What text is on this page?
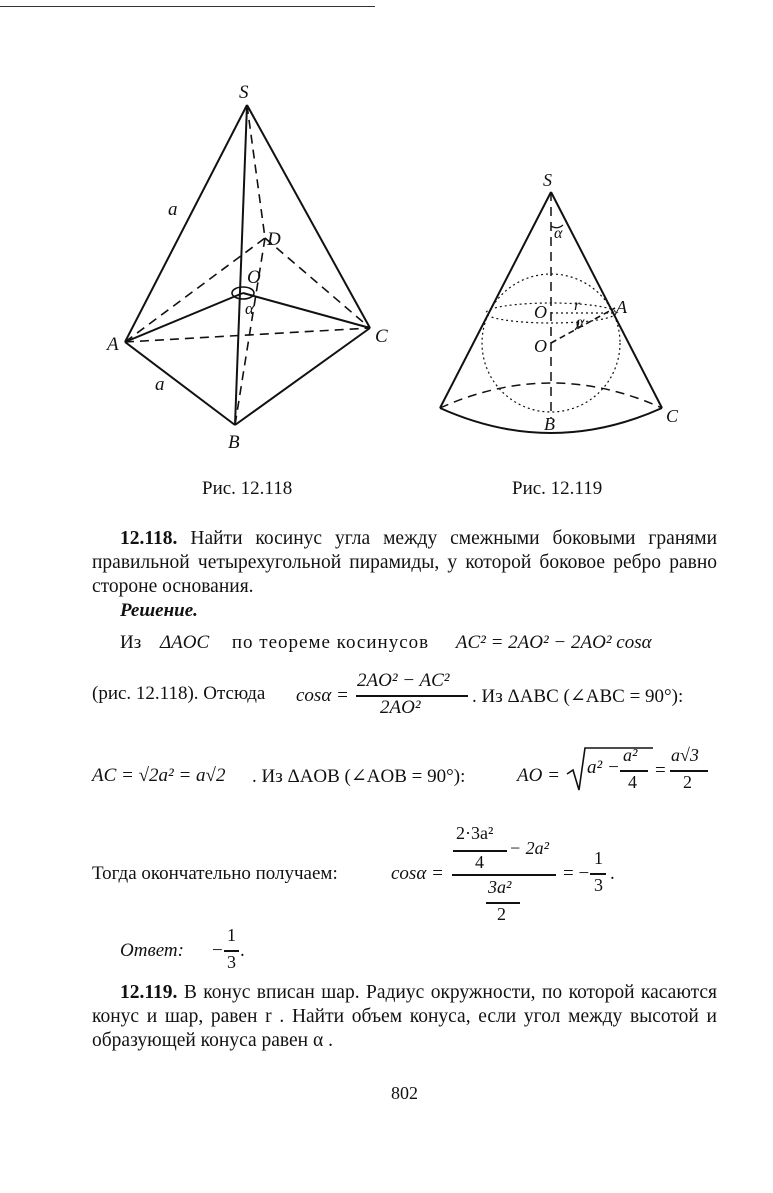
S
D
O
α
A	C
B
a
a
S
α
O r A
α
O
B	C
Рис. 12.118	Рис. 12.119
12.118. Найти косинус угла между смежными боковыми гранями правильной четырехугольной пирамиды, у которой боковое ребро равно стороне основания.
Решение.
Из ΔAOC по теореме косинусов AC² = 2AO² − 2AO² cosα
(рис. 12.118). Отсюда cosα =
2AO² − AC²
2AO²
. Из ΔABC (∠ABC = 90°):
AC = √2a² = a√2 . Из ΔAOB (∠AOB = 90°):	AO = a² −
a²
4
=
a√3
2
Тогда окончательно получаем:	cosα =
2·3a²
4
− 2a²
3a²
2
= −
1
3
.
Ответ: −
1
3
.
12.119. В конус вписан шар. Радиус окружности, по которой касаются конус и шар, равен r . Найти объем конуса, если угол между высотой и образующей конуса равен α .
802
